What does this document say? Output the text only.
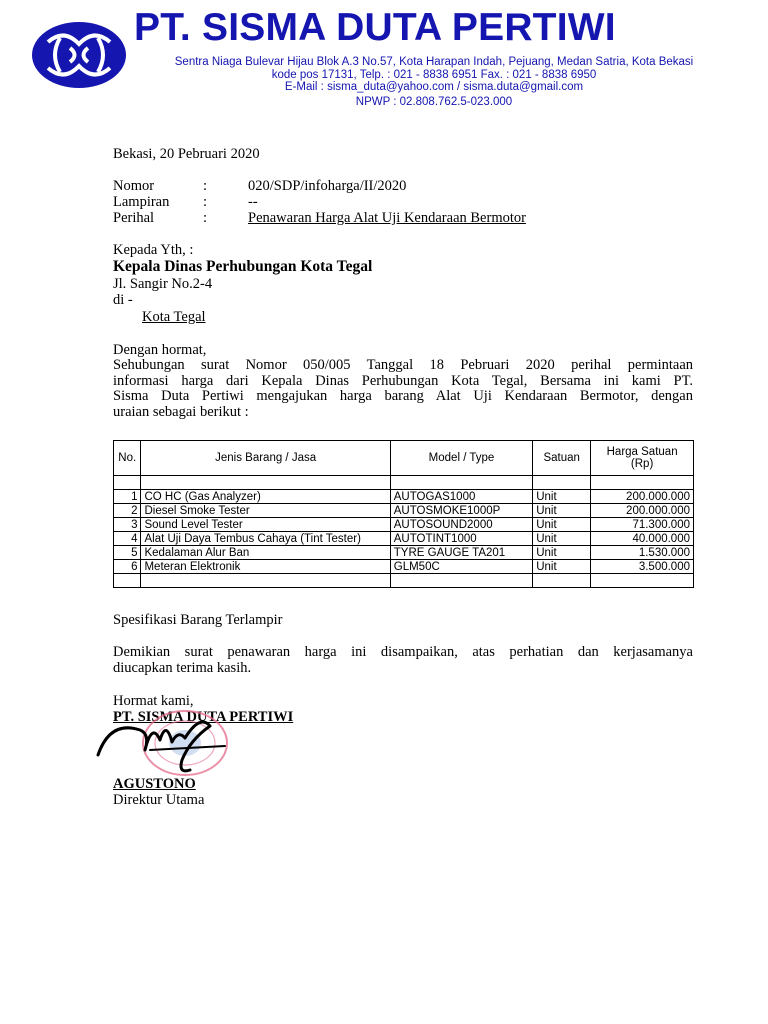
PT. SISMA DUTA PERTIWI
Sentra Niaga Bulevar Hijau Blok A.3 No.57, Kota Harapan Indah, Pejuang, Medan Satria, Kota Bekasi
kode pos 17131, Telp. : 021 - 8838 6951 Fax. : 021 - 8838 6950
E-Mail : sisma_duta@yahoo.com / sisma.duta@gmail.com
NPWP : 02.808.762.5-023.000
Bekasi, 20 Pebruari 2020
Nomor	:	020/SDP/infoharga/II/2020
Lampiran :	--
Perihal	:	Penawaran Harga Alat Uji Kendaraan Bermotor
Kepada Yth, :
Kepala Dinas Perhubungan Kota Tegal
Jl. Sangir No.2-4
di -
Kota Tegal
Dengan hormat,
Sehubungan surat Nomor 050/005 Tanggal 18 Pebruari 2020 perihal permintaan
informasi harga dari Kepala Dinas Perhubungan Kota Tegal, Bersama ini kami PT.
Sisma Duta Pertiwi mengajukan harga barang Alat Uji Kendaraan Bermotor, dengan
uraian sebagai berikut :
No.	Jenis Barang / Jasa	Model / Type	Satuan	Harga Satuan
(Rp)

1	CO HC (Gas Analyzer)	AUTOGAS1000	Unit	200.000.000
2	Diesel Smoke Tester	AUTOSMOKE1000P	Unit	200.000.000
3	Sound Level Tester	AUTOSOUND2000	Unit	71.300.000
4	Alat Uji Daya Tembus Cahaya (Tint Tester)	AUTOTINT1000	Unit	40.000.000
5	Kedalaman Alur Ban	TYRE GAUGE TA201	Unit	1.530.000
6	Meteran Elektronik	GLM50C	Unit	3.500.000

Spesifikasi Barang Terlampir
Demikian surat penawaran harga ini disampaikan, atas perhatian dan kerjasamanya
diucapkan terima kasih.
Hormat kami,
PT. SISMA DUTA PERTIWI
AGUSTONO
Direktur Utama
